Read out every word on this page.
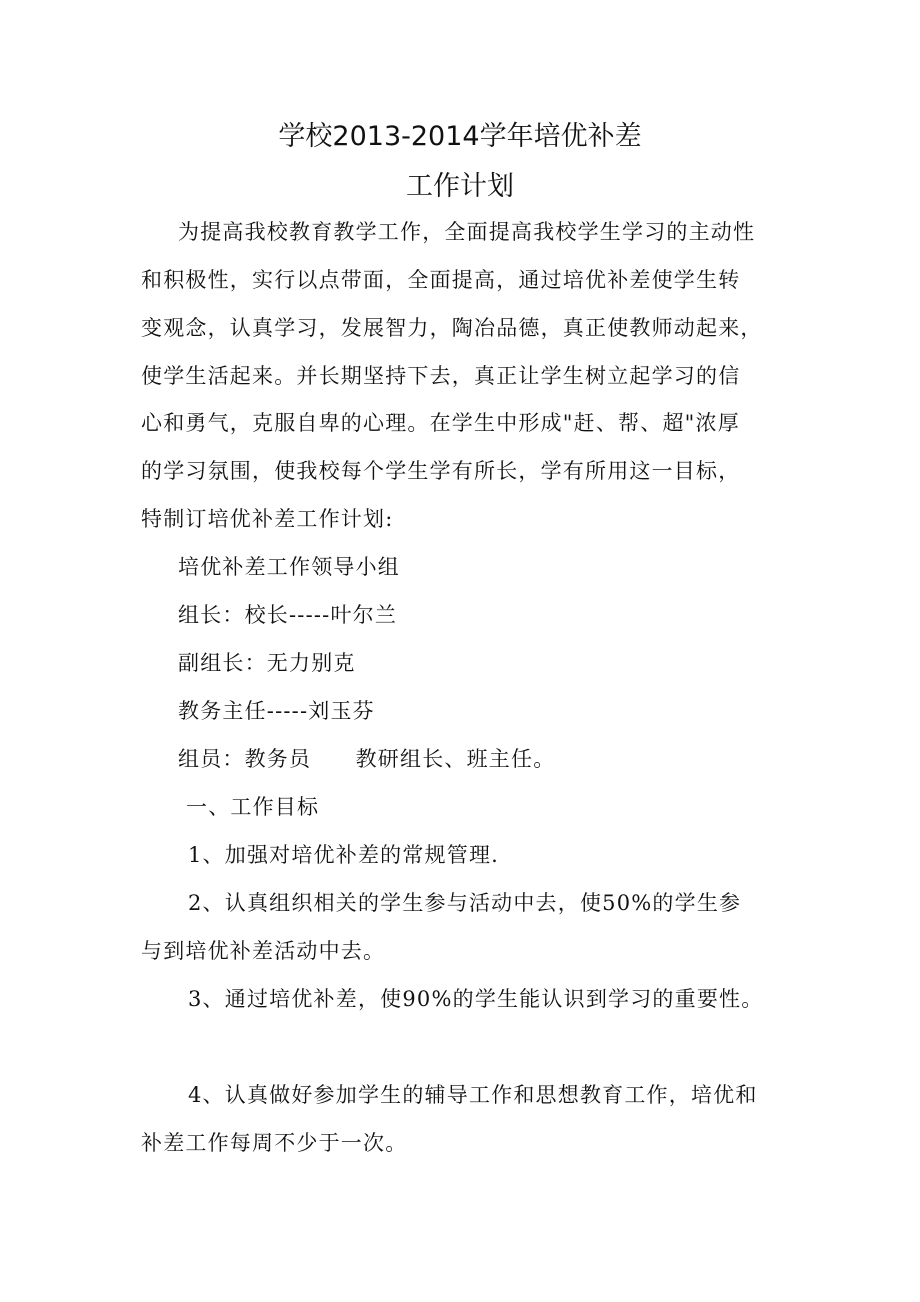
学校2013-2014学年培优补差
工作计划
为提高我校教育教学工作，全面提高我校学生学习的主动性
和积极性，实行以点带面，全面提高，通过培优补差使学生转
变观念，认真学习，发展智力，陶冶品德，真正使教师动起来，
使学生活起来。并长期坚持下去，真正让学生树立起学习的信
心和勇气，克服自卑的心理。在学生中形成"赶、帮、超"浓厚
的学习氛围，使我校每个学生学有所长，学有所用这一目标，
特制订培优补差工作计划:
培优补差工作领导小组
组长：校长-----叶尔兰
副组长：无力别克
教务主任-----刘玉芬
组员：教务员　　教研组长、班主任。
一、工作目标
1、加强对培优补差的常规管理.
2、认真组织相关的学生参与活动中去，使50%的学生参
与到培优补差活动中去。
3、通过培优补差，使90%的学生能认识到学习的重要性。
4、认真做好参加学生的辅导工作和思想教育工作，培优和
补差工作每周不少于一次。
